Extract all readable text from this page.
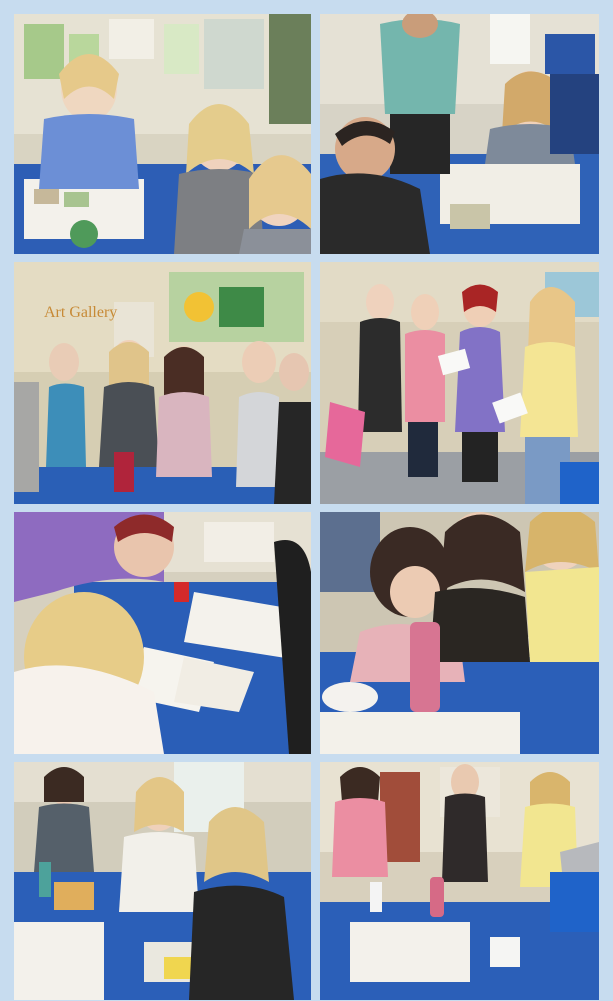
Art Gallery
